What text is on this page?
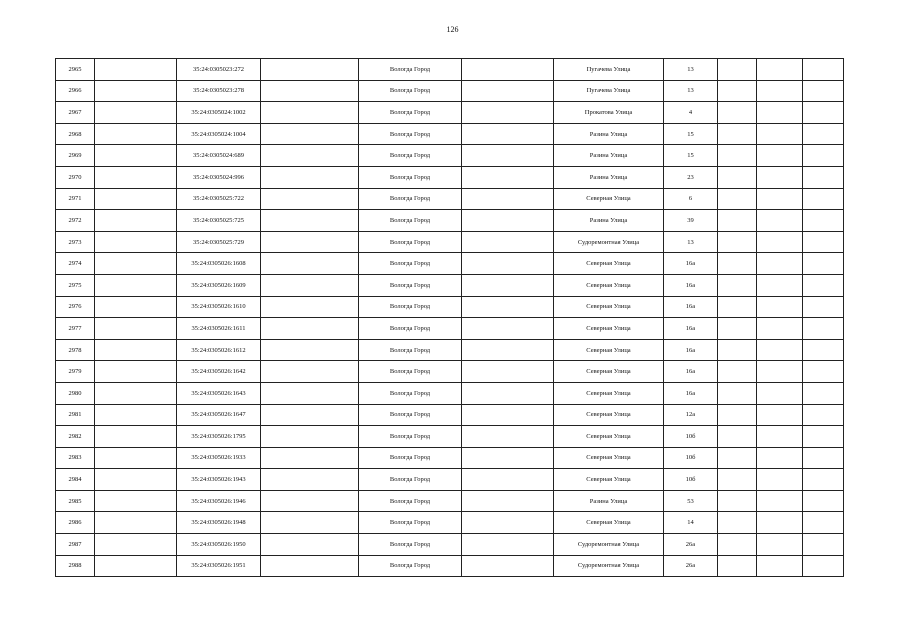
126
2965		35:24:0305023:272		Вологда Город		Пугачева Улица	13			
2966		35:24:0305023:278		Вологда Город		Пугачева Улица	13			
2967		35:24:0305024:1002		Вологда Город		Прокатова Улица	4			
2968		35:24:0305024:1004		Вологда Город		Разина Улица	15			
2969		35:24:0305024:689		Вологда Город		Разина Улица	15			
2970		35:24:0305024:996		Вологда Город		Разина Улица	23			
2971		35:24:0305025:722		Вологда Город		Северная Улица	6			
2972		35:24:0305025:725		Вологда Город		Разина Улица	39			
2973		35:24:0305025:729		Вологда Город		Судоремонтная Улица	13			
2974		35:24:0305026:1608		Вологда Город		Северная Улица	16а			
2975		35:24:0305026:1609		Вологда Город		Северная Улица	16а			
2976		35:24:0305026:1610		Вологда Город		Северная Улица	16а			
2977		35:24:0305026:1611		Вологда Город		Северная Улица	16а			
2978		35:24:0305026:1612		Вологда Город		Северная Улица	16а			
2979		35:24:0305026:1642		Вологда Город		Северная Улица	16а			
2980		35:24:0305026:1643		Вологда Город		Северная Улица	16а			
2981		35:24:0305026:1647		Вологда Город		Северная Улица	12а			
2982		35:24:0305026:1795		Вологда Город		Северная Улица	10б			
2983		35:24:0305026:1933		Вологда Город		Северная Улица	10б			
2984		35:24:0305026:1943		Вологда Город		Северная Улица	10б			
2985		35:24:0305026:1946		Вологда Город		Разина Улица	53			
2986		35:24:0305026:1948		Вологда Город		Северная Улица	14			
2987		35:24:0305026:1950		Вологда Город		Судоремонтная Улица	26а			
2988		35:24:0305026:1951		Вологда Город		Судоремонтная Улица	26а			
